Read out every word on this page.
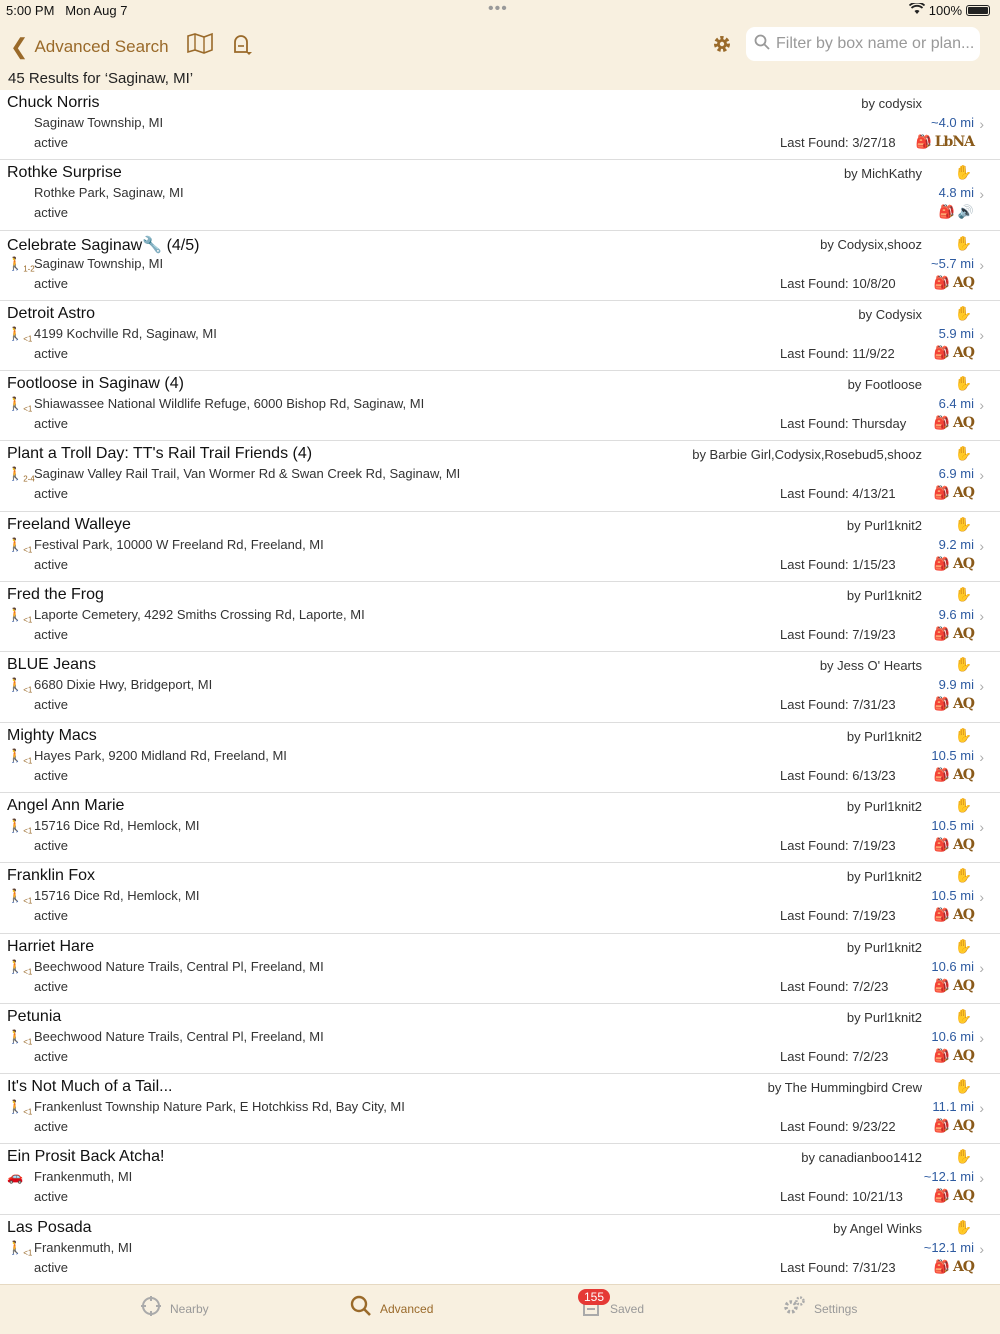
5:00 PM Mon Aug 7	•••	100%
❮ Advanced Search	Filter by box name or plan...
45 Results for ‘Saginaw, MI’
Chuck Norris
Saginaw Township, MI
active
by codysix
~4.0 mi ›
Last Found: 3/27/18 🎒 LbNA
Rothke Surprise
Rothke Park, Saginaw, MI
active
by MichKathy ✋
4.8 mi ›
🎒 🔊
Celebrate Saginaw🔧 (4/5)
$🚶_{1-2}$ Saginaw Township, MI
active
by Codysix,shooz ✋
~5.7 mi ›
Last Found: 10/8/20	🎒 AQ
Detroit Astro
$🚶_{<1}$ 4199 Kochville Rd, Saginaw, MI
active
by Codysix ✋
5.9 mi ›
Last Found: 11/9/22	🎒 AQ
Footloose in Saginaw (4)
$🚶_{<1}$ Shiawassee National Wildlife Refuge, 6000 Bishop Rd, Saginaw, MI
active
by Footloose ✋
6.4 mi ›
Last Found: Thursday 🎒 AQ
Plant a Troll Day: TT's Rail Trail Friends (4)
$🚶_{2-4}$ Saginaw Valley Rail Trail, Van Wormer Rd & Swan Creek Rd, Saginaw, MI
active
by Barbie Girl,Codysix,Rosebud5,shooz ✋
6.9 mi ›
Last Found: 4/13/21	🎒 AQ
Freeland Walleye
$🚶_{<1}$ Festival Park, 10000 W Freeland Rd, Freeland, MI
active
by Purl1knit2 ✋
9.2 mi ›
Last Found: 1/15/23	🎒 AQ
Fred the Frog
$🚶_{<1}$ Laporte Cemetery, 4292 Smiths Crossing Rd, Laporte, MI
active
by Purl1knit2 ✋
9.6 mi ›
Last Found: 7/19/23	🎒 AQ
BLUE Jeans
$🚶_{<1}$ 6680 Dixie Hwy, Bridgeport, MI
active
by Jess O' Hearts ✋
9.9 mi ›
Last Found: 7/31/23	🎒 AQ
Mighty Macs
$🚶_{<1}$ Hayes Park, 9200 Midland Rd, Freeland, MI
active
by Purl1knit2 ✋
10.5 mi ›
Last Found: 6/13/23	🎒 AQ
Angel Ann Marie
$🚶_{<1}$ 15716 Dice Rd, Hemlock, MI
active
by Purl1knit2 ✋
10.5 mi ›
Last Found: 7/19/23	🎒 AQ
Franklin Fox
$🚶_{<1}$ 15716 Dice Rd, Hemlock, MI
active
by Purl1knit2 ✋
10.5 mi ›
Last Found: 7/19/23	🎒 AQ
Harriet Hare
$🚶_{<1}$ Beechwood Nature Trails, Central Pl, Freeland, MI
active
by Purl1knit2 ✋
10.6 mi ›
Last Found: 7/2/23	🎒 AQ
Petunia
$🚶_{<1}$ Beechwood Nature Trails, Central Pl, Freeland, MI
active
by Purl1knit2 ✋
10.6 mi ›
Last Found: 7/2/23	🎒 AQ
It's Not Much of a Tail...
$🚶_{<1}$ Frankenlust Township Nature Park, E Hotchkiss Rd, Bay City, MI
active
by The Hummingbird Crew ✋
11.1 mi ›
Last Found: 9/23/22	🎒 AQ
Ein Prosit Back Atcha!
🚗 Frankenmuth, MI
active
by canadianboo1412 ✋
~12.1 mi ›
Last Found: 10/21/13 🎒 AQ
Las Posada
$🚶_{<1}$ Frankenmuth, MI
active
by Angel Winks ✋
~12.1 mi ›
Last Found: 7/31/23	🎒 AQ
Nearby	Advanced	Saved
155
Settings
